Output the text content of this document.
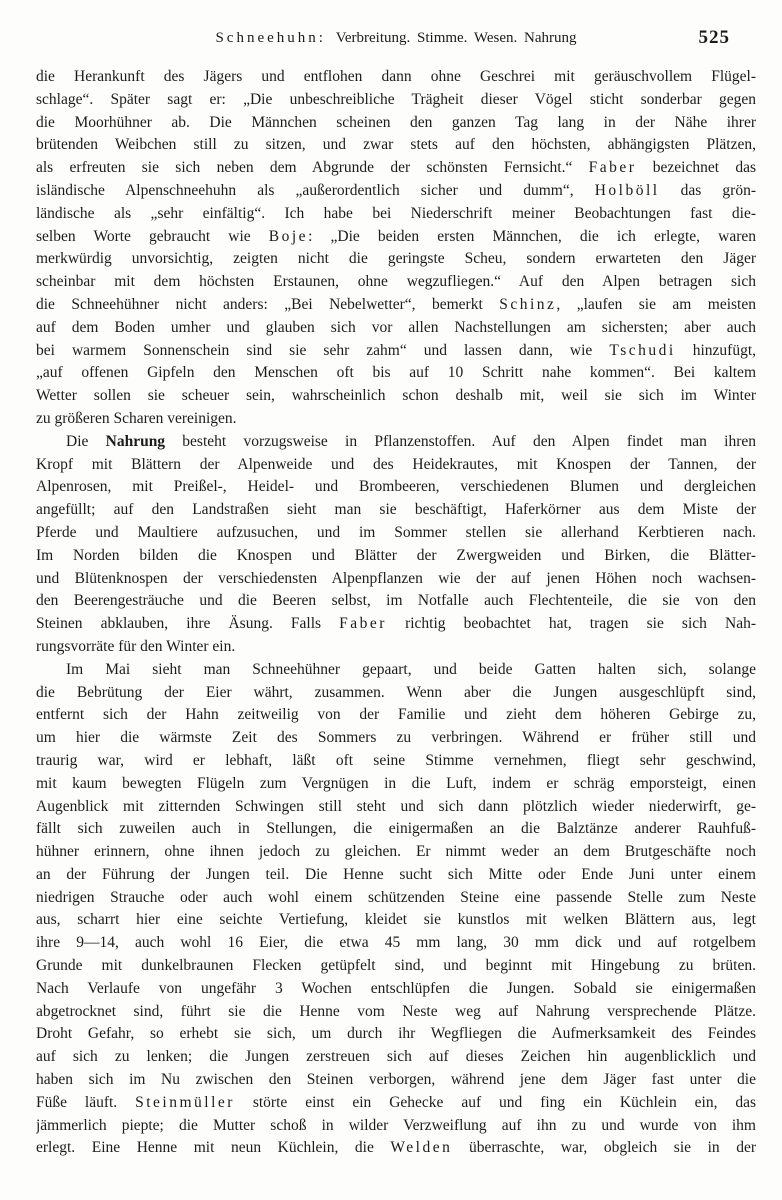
Schneehuhn: Verbreitung. Stimme. Wesen. Nahrung	525
die Herankunft des Jägers und entflohen dann ohne Geschrei mit geräuschvollem Flügel-
schlage“. Später sagt er: „Die unbeschreibliche Trägheit dieser Vögel sticht sonderbar gegen
die Moorhühner ab. Die Männchen scheinen den ganzen Tag lang in der Nähe ihrer
brütenden Weibchen still zu sitzen, und zwar stets auf den höchsten, abhängigsten Plätzen,
als erfreuten sie sich neben dem Abgrunde der schönsten Fernsicht.“ Faber bezeichnet das
isländische Alpenschneehuhn als „außerordentlich sicher und dumm“, Holböll das grön-
ländische als „sehr einfältig“. Ich habe bei Niederschrift meiner Beobachtungen fast die-
selben Worte gebraucht wie Boje: „Die beiden ersten Männchen, die ich erlegte, waren
merkwürdig unvorsichtig, zeigten nicht die geringste Scheu, sondern erwarteten den Jäger
scheinbar mit dem höchsten Erstaunen, ohne wegzufliegen.“ Auf den Alpen betragen sich
die Schneehühner nicht anders: „Bei Nebelwetter“, bemerkt Schinz, „laufen sie am meisten
auf dem Boden umher und glauben sich vor allen Nachstellungen am sichersten; aber auch
bei warmem Sonnenschein sind sie sehr zahm“ und lassen dann, wie Tschudi hinzufügt,
„auf offenen Gipfeln den Menschen oft bis auf 10 Schritt nahe kommen“. Bei kaltem
Wetter sollen sie scheuer sein, wahrscheinlich schon deshalb mit, weil sie sich im Winter
zu größeren Scharen vereinigen.
Die Nahrung besteht vorzugsweise in Pflanzenstoffen. Auf den Alpen findet man ihren
Kropf mit Blättern der Alpenweide und des Heidekrautes, mit Knospen der Tannen, der
Alpenrosen, mit Preißel-, Heidel- und Brombeeren, verschiedenen Blumen und dergleichen
angefüllt; auf den Landstraßen sieht man sie beschäftigt, Haferkörner aus dem Miste der
Pferde und Maultiere aufzusuchen, und im Sommer stellen sie allerhand Kerbtieren nach.
Im Norden bilden die Knospen und Blätter der Zwergweiden und Birken, die Blätter-
und Blütenknospen der verschiedensten Alpenpflanzen wie der auf jenen Höhen noch wachsen-
den Beerengesträuche und die Beeren selbst, im Notfalle auch Flechtenteile, die sie von den
Steinen abklauben, ihre Äsung. Falls Faber richtig beobachtet hat, tragen sie sich Nah-
rungsvorräte für den Winter ein.
Im Mai sieht man Schneehühner gepaart, und beide Gatten halten sich, solange
die Bebrütung der Eier währt, zusammen. Wenn aber die Jungen ausgeschlüpft sind,
entfernt sich der Hahn zeitweilig von der Familie und zieht dem höheren Gebirge zu,
um hier die wärmste Zeit des Sommers zu verbringen. Während er früher still und
traurig war, wird er lebhaft, läßt oft seine Stimme vernehmen, fliegt sehr geschwind,
mit kaum bewegten Flügeln zum Vergnügen in die Luft, indem er schräg emporsteigt, einen
Augenblick mit zitternden Schwingen still steht und sich dann plötzlich wieder niederwirft, ge-
fällt sich zuweilen auch in Stellungen, die einigermaßen an die Balztänze anderer Rauhfuß-
hühner erinnern, ohne ihnen jedoch zu gleichen. Er nimmt weder an dem Brutgeschäfte noch
an der Führung der Jungen teil. Die Henne sucht sich Mitte oder Ende Juni unter einem
niedrigen Strauche oder auch wohl einem schützenden Steine eine passende Stelle zum Neste
aus, scharrt hier eine seichte Vertiefung, kleidet sie kunstlos mit welken Blättern aus, legt
ihre 9—14, auch wohl 16 Eier, die etwa 45 mm lang, 30 mm dick und auf rotgelbem
Grunde mit dunkelbraunen Flecken getüpfelt sind, und beginnt mit Hingebung zu brüten.
Nach Verlaufe von ungefähr 3 Wochen entschlüpfen die Jungen. Sobald sie einigermaßen
abgetrocknet sind, führt sie die Henne vom Neste weg auf Nahrung versprechende Plätze.
Droht Gefahr, so erhebt sie sich, um durch ihr Wegfliegen die Aufmerksamkeit des Feindes
auf sich zu lenken; die Jungen zerstreuen sich auf dieses Zeichen hin augenblicklich und
haben sich im Nu zwischen den Steinen verborgen, während jene dem Jäger fast unter die
Füße läuft. Steinmüller störte einst ein Gehecke auf und fing ein Küchlein ein, das
jämmerlich piepte; die Mutter schoß in wilder Verzweiflung auf ihn zu und wurde von ihm
erlegt. Eine Henne mit neun Küchlein, die Welden überraschte, war, obgleich sie in der
